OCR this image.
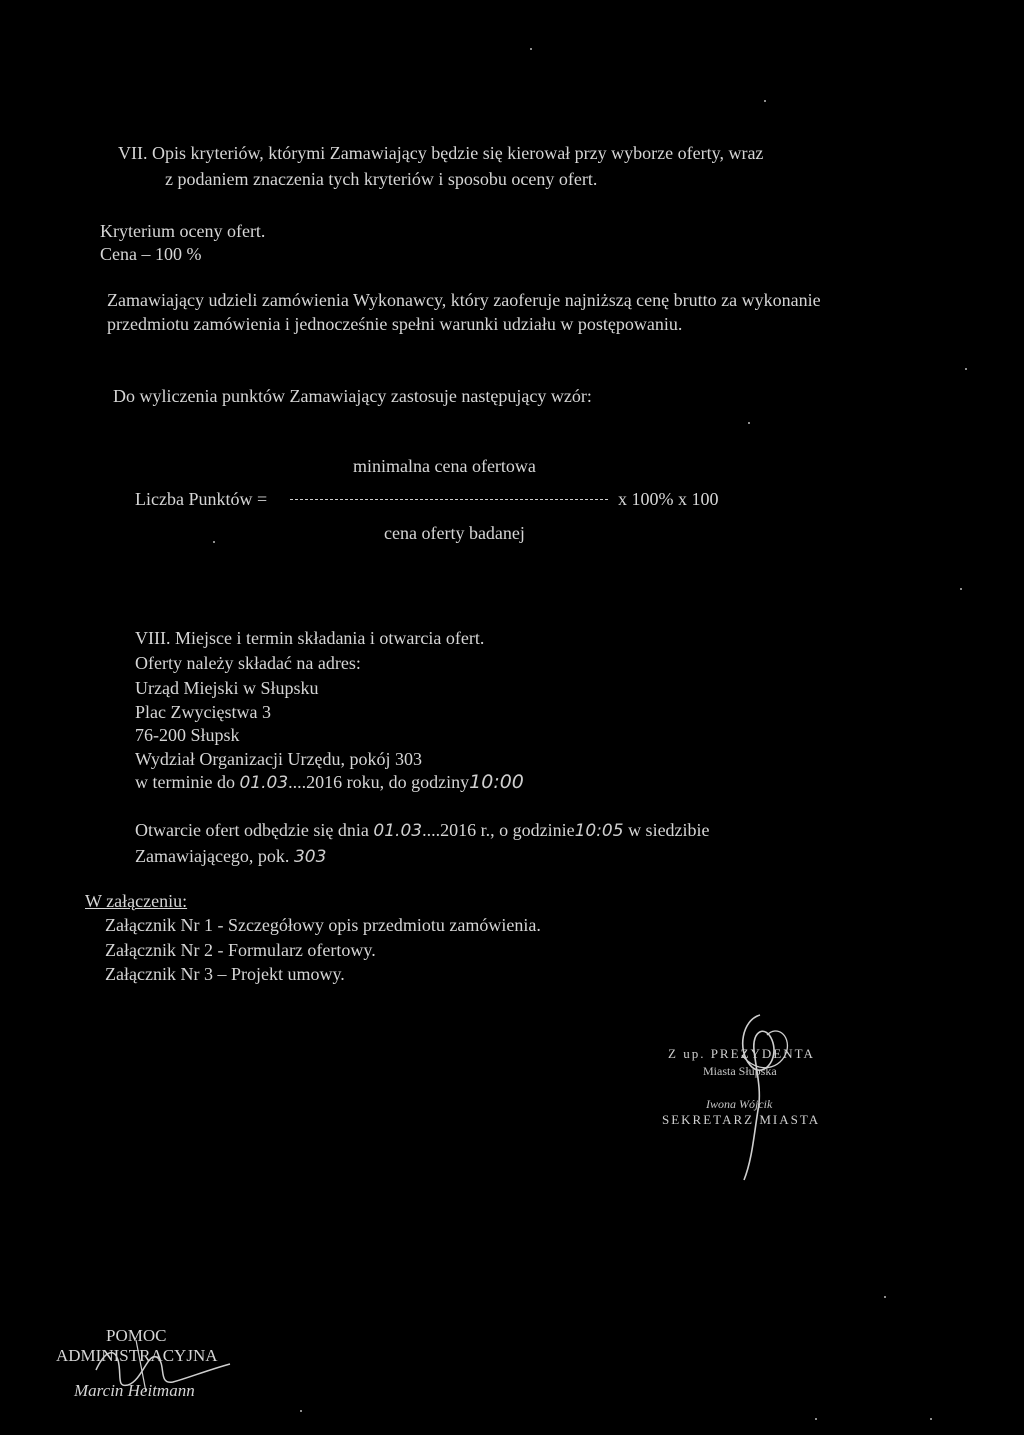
VII. Opis kryteriów, którymi Zamawiający będzie się kierował przy wyborze oferty, wraz
z podaniem znaczenia tych kryteriów i sposobu oceny ofert.
Kryterium oceny ofert.
Cena – 100 %
Zamawiający udzieli zamówienia Wykonawcy, który zaoferuje najniższą cenę brutto za wykonanie
przedmiotu zamówienia i jednocześnie spełni warunki udziału w postępowaniu.
Do wyliczenia punktów Zamawiający zastosuje następujący wzór:
minimalna cena ofertowa
Liczba Punktów =	x 100% x 100
cena oferty badanej
VIII. Miejsce i termin składania i otwarcia ofert.
Oferty należy składać na adres:
Urząd Miejski w Słupsku
Plac Zwycięstwa 3
76-200 Słupsk
Wydział Organizacji Urzędu, pokój 303
w terminie do 01.03....2016 roku, do godziny10:00
Otwarcie ofert odbędzie się dnia 01.03....2016 r., o godzinie10:05 w siedzibie
Zamawiającego, pok. 303
W załączeniu:
Załącznik Nr 1 - Szczegółowy opis przedmiotu zamówienia.
Załącznik Nr 2 - Formularz ofertowy.
Załącznik Nr 3 – Projekt umowy.
Z up. PREZYDENTA
Miasta Słupska
Iwona Wójcik
SEKRETARZ MIASTA
POMOC
ADMINISTRACYJNA
Marcin Heitmann
